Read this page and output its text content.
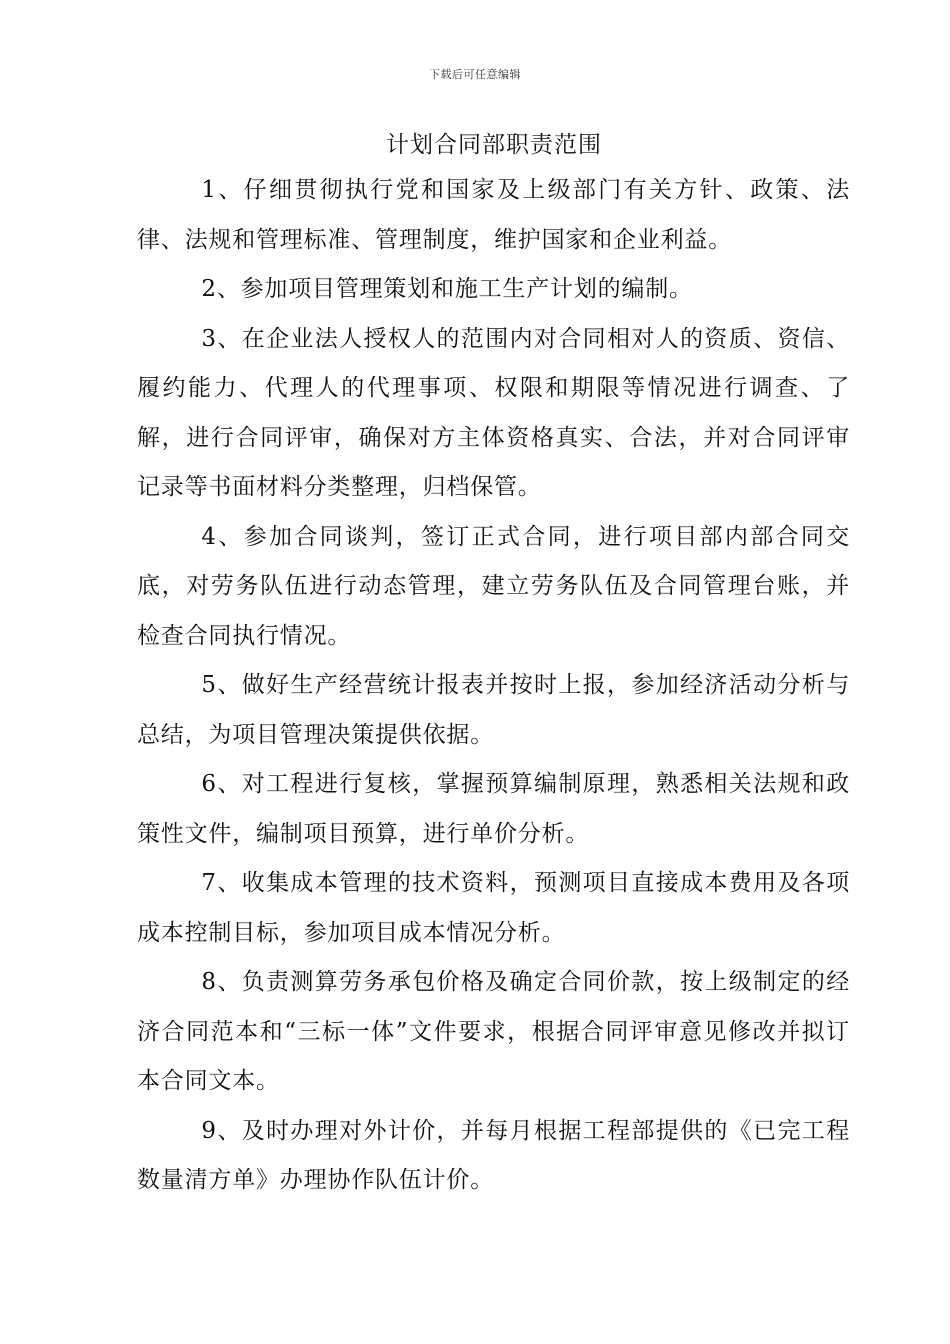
下载后可任意编辑
计划合同部职责范围

1、仔细贯彻执行党和国家及上级部门有关方针、政策、法律、法规和管理标准、管理制度，维护国家和企业利益。

2、参加项目管理策划和施工生产计划的编制。

3、在企业法人授权人的范围内对合同相对人的资质、资信、履约能力、代理人的代理事项、权限和期限等情况进行调查、了解，进行合同评审，确保对方主体资格真实、合法，并对合同评审记录等书面材料分类整理，归档保管。

4、参加合同谈判，签订正式合同，进行项目部内部合同交底，对劳务队伍进行动态管理，建立劳务队伍及合同管理台账，并检查合同执行情况。

5、做好生产经营统计报表并按时上报，参加经济活动分析与总结，为项目管理决策提供依据。

6、对工程进行复核，掌握预算编制原理，熟悉相关法规和政策性文件，编制项目预算，进行单价分析。

7、收集成本管理的技术资料，预测项目直接成本费用及各项成本控制目标，参加项目成本情况分析。

8、负责测算劳务承包价格及确定合同价款，按上级制定的经济合同范本和“三标一体”文件要求，根据合同评审意见修改并拟订本合同文本。

9、及时办理对外计价，并每月根据工程部提供的《已完工程数量清方单》办理协作队伍计价。
